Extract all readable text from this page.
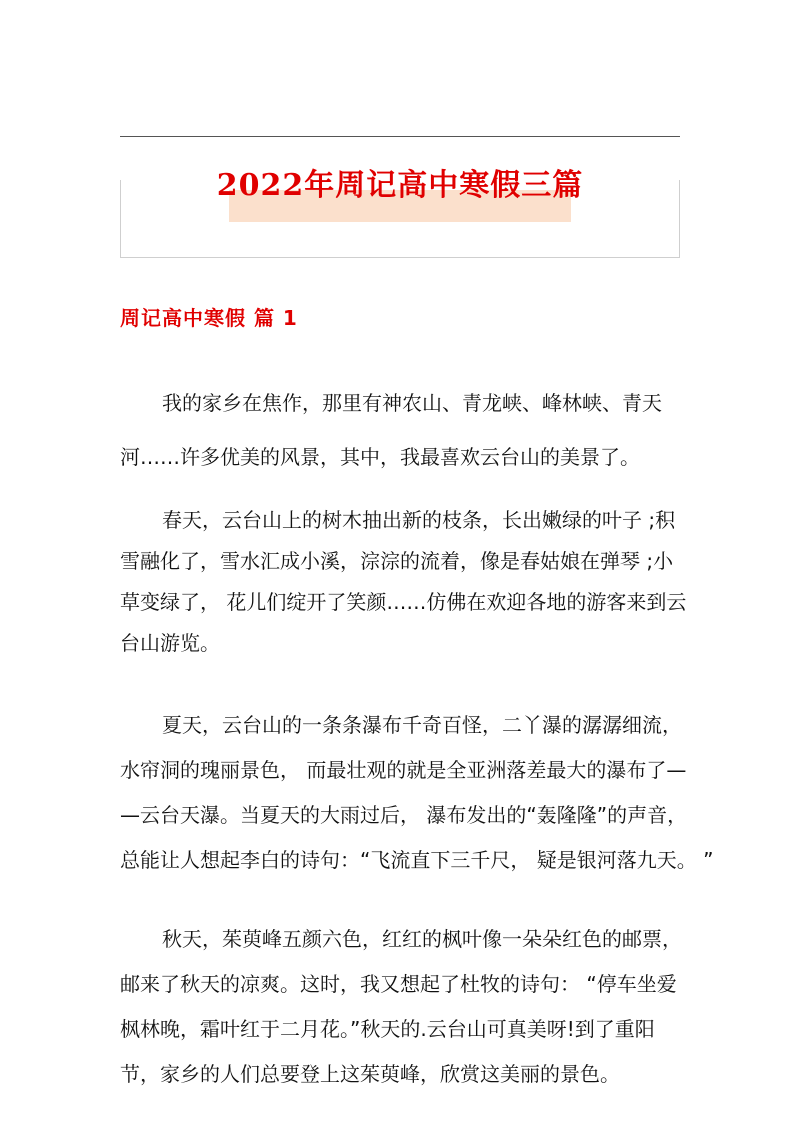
2022年周记高中寒假三篇
周记高中寒假 篇 1
我的家乡在焦作，那里有神农山、青龙峡、峰林峡、青天
河……许多优美的风景，其中，我最喜欢云台山的美景了。
春天，云台山上的树木抽出新的枝条，长出嫩绿的叶子 ;积
雪融化了，雪水汇成小溪，淙淙的流着，像是春姑娘在弹琴 ;小
草变绿了， 花儿们绽开了笑颜……仿佛在欢迎各地的游客来到云
台山游览。
夏天，云台山的一条条瀑布千奇百怪，二丫瀑的潺潺细流，
水帘洞的瑰丽景色， 而最壮观的就是全亚洲落差最大的瀑布了—
—云台天瀑。当夏天的大雨过后， 瀑布发出的“轰隆隆”的声音，
总能让人想起李白的诗句：“飞流直下三千尺， 疑是银河落九天。 ”
秋天，茱萸峰五颜六色，红红的枫叶像一朵朵红色的邮票，
邮来了秋天的凉爽。这时，我又想起了杜牧的诗句： “停车坐爱
枫林晚，霜叶红于二月花。”秋天的.云台山可真美呀!到了重阳
节，家乡的人们总要登上这茱萸峰，欣赏这美丽的景色。
